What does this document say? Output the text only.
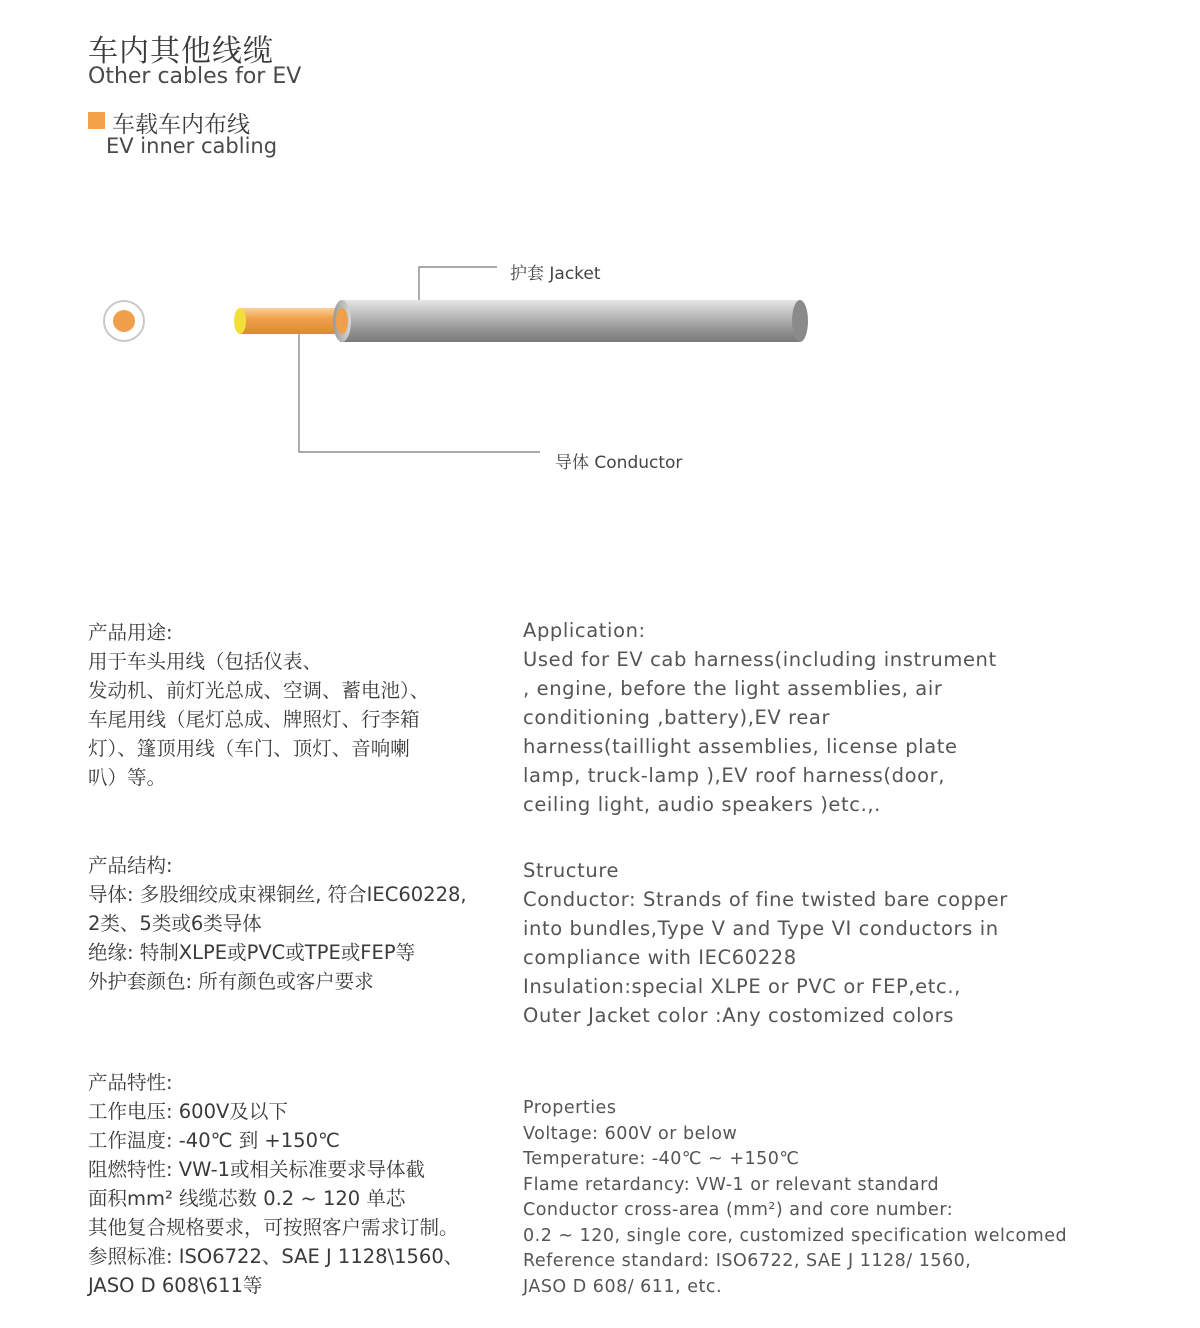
车内其他线缆
Other cables for EV
车载车内布线
EV inner cabling
护套 Jacket
导体 Conductor
产品用途:
用于车头用线（包括仪表、
发动机、前灯光总成、空调、蓄电池）、
车尾用线（尾灯总成、牌照灯、行李箱
灯）、篷顶用线（车门、顶灯、音响喇
叭）等。
Application:
Used for EV cab harness(including instrument
, engine, before the light assemblies, air
conditioning ,battery),EV rear
harness(taillight assemblies, license plate
lamp, truck-lamp ),EV roof harness(door,
ceiling light, audio speakers )etc.,.
产品结构:
导体: 多股细绞成束裸铜丝, 符合IEC60228,
2类、5类或6类导体
绝缘: 特制XLPE或PVC或TPE或FEP等
外护套颜色: 所有颜色或客户要求
Structure
Conductor: Strands of fine twisted bare copper
into bundles,Type V and Type VI conductors in
compliance with IEC60228
Insulation:special XLPE or PVC or FEP,etc.,
Outer Jacket color :Any costomized colors
产品特性:
工作电压: 600V及以下
工作温度: -40℃ 到 +150℃
阻燃特性: VW-1或相关标准要求导体截
面积mm² 线缆芯数 0.2 ~ 120 单芯
其他复合规格要求，可按照客户需求订制。
参照标准: ISO6722、SAE J 1128\1560、
JASO D 608\611等
Properties
Voltage: 600V or below
Temperature: -40℃ ~ +150℃
Flame retardancy: VW-1 or relevant standard
Conductor cross-area (mm²) and core number:
0.2 ~ 120, single core, customized specification welcomed
Reference standard: ISO6722, SAE J 1128/ 1560,
JASO D 608/ 611, etc.
